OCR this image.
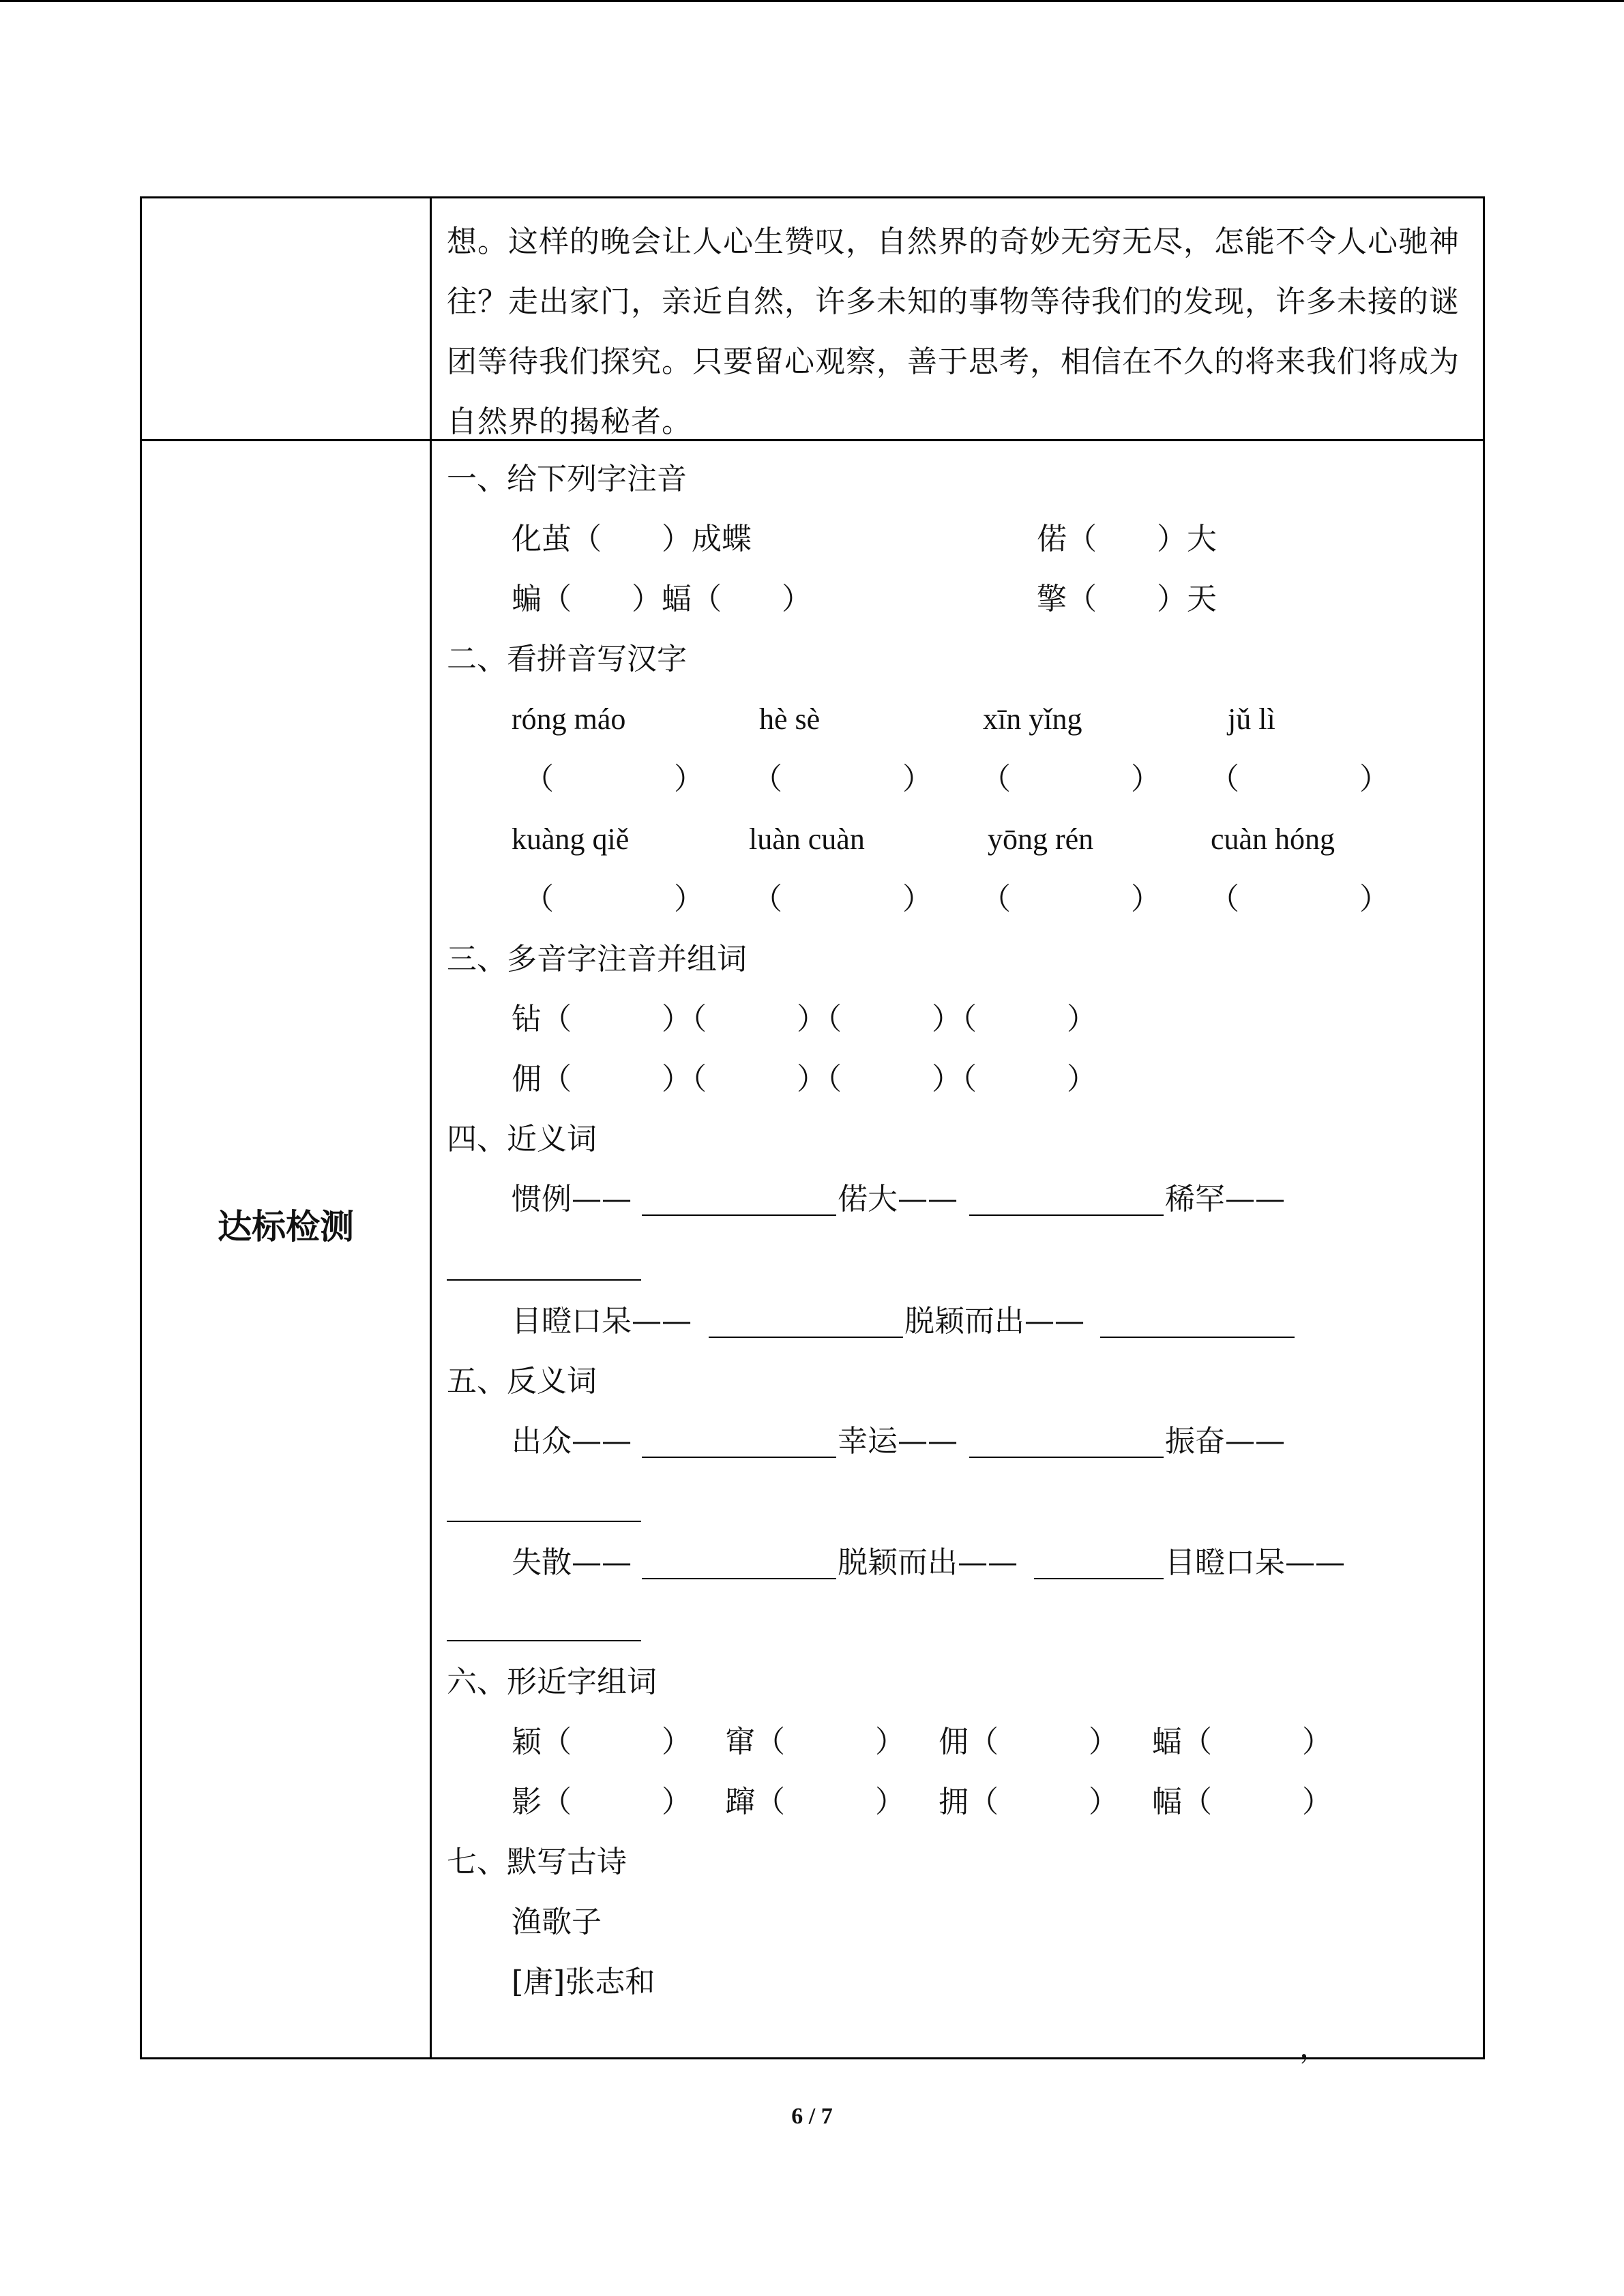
想。这样的晚会让人心生赞叹，自然界的奇妙无穷无尽，怎能不令人心驰神往？走出家门，亲近自然，许多未知的事物等待我们的发现，许多未接的谜团等待我们探究。只要留心观察，善于思考，相信在不久的将来我们将成为自然界的揭秘者。
达标检测
一、给下列字注音
化茧（　　）成蝶	偌（　　）大
蝙（　　）蝠（　　）	擎（　　）天
二、看拼音写汉字
róng máo	hè sè	xīn yǐng	jǔ lì
（　　　　） （　　　　） （　　　　） （　　　　）
kuàng qiě	luàn cuàn	yōng rén	cuàn hóng
（　　　　） （　　　　） （　　　　） （　　　　）
三、多音字注音并组词
钻（　　　）（　　　）（　　　）（　　　）
佣（　　　）（　　　）（　　　）（　　　）
四、近义词
惯例——	偌大——	稀罕——
目瞪口呆——	脱颖而出——
五、反义词
出众——	幸运——	振奋——
失散——	脱颖而出——	目瞪口呆——
六、形近字组词
颖（　　　） 窜（　　　） 佣（　　　） 蝠（　　　）
影（　　　） 蹿（　　　） 拥（　　　） 幅（　　　）
七、默写古诗
渔歌子
[唐]张志和
，
6 / 7
